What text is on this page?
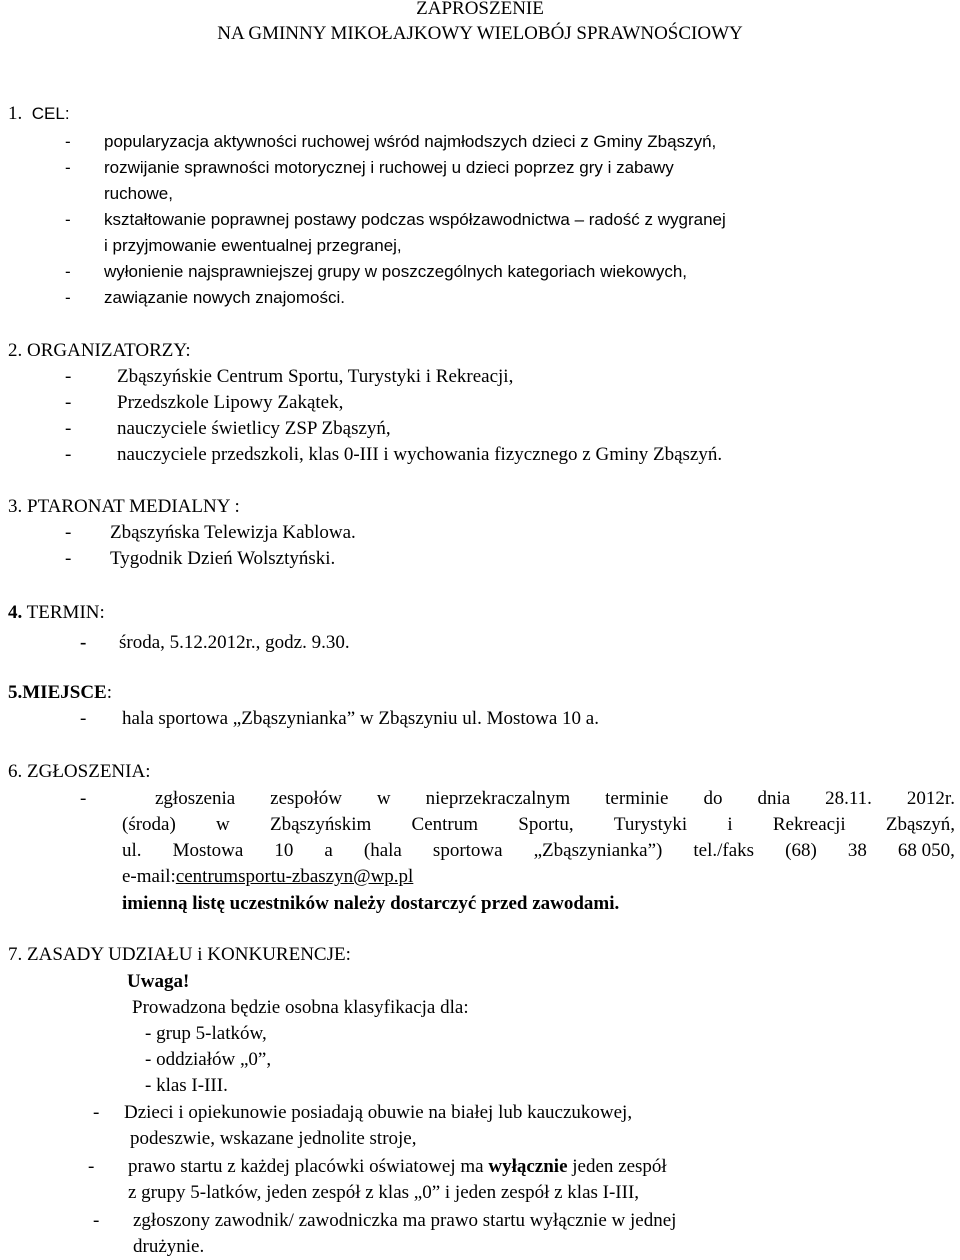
ZAPROSZENIE
NA GMINNY MIKOŁAJKOWY WIELOBÓJ SPRAWNOŚCIOWY
1. CEL:
- popularyzacja aktywności ruchowej wśród najmłodszych dzieci z Gminy Zbąszyń,
- rozwijanie sprawności motorycznej i ruchowej u dzieci poprzez gry i zabawy
ruchowe,
- kształtowanie poprawnej postawy podczas współzawodnictwa – radość z wygranej
i przyjmowanie ewentualnej przegranej,
- wyłonienie najsprawniejszej grupy w poszczególnych kategoriach wiekowych,
- zawiązanie nowych znajomości.
2. ORGANIZATORZY:
- Zbąszyńskie Centrum Sportu, Turystyki i Rekreacji,
- Przedszkole Lipowy Zakątek,
- nauczyciele świetlicy ZSP Zbąszyń,
- nauczyciele przedszkoli, klas 0-III i wychowania fizycznego z Gminy Zbąszyń.
3. PTARONAT MEDIALNY :
- Zbąszyńska Telewizja Kablowa.
- Tygodnik Dzień Wolsztyński.
4. TERMIN:
- środa, 5.12.2012r., godz. 9.30.
5.MIEJSCE:
- hala sportowa „Zbąszynianka” w Zbąszyniu ul. Mostowa 10 a.
6. ZGŁOSZENIA:
-	zgłoszenia zespołów w nieprzekraczalnym terminie do dnia 28.11. 2012r.
(środa) w Zbąszyńskim Centrum Sportu, Turystyki i Rekreacji Zbąszyń,
ul. Mostowa 10 a (hala sportowa „Zbąszynianka”) tel./faks (68) 38 68 050,
e-mail:centrumsportu-zbaszyn@wp.pl
imienną listę uczestników należy dostarczyć przed zawodami.
7. ZASADY UDZIAŁU i KONKURENCJE:
Uwaga!
Prowadzona będzie osobna klasyfikacja dla:
- grup 5-latków,
- oddziałów „0”,
- klas I-III.
- Dzieci i opiekunowie posiadają obuwie na białej lub kauczukowej,
podeszwie, wskazane jednolite stroje,
- prawo startu z każdej placówki oświatowej ma wyłącznie jeden zespół
z grupy 5-latków, jeden zespół z klas „0” i jeden zespół z klas I-III,
- zgłoszony zawodnik/ zawodniczka ma prawo startu wyłącznie w jednej
drużynie.
